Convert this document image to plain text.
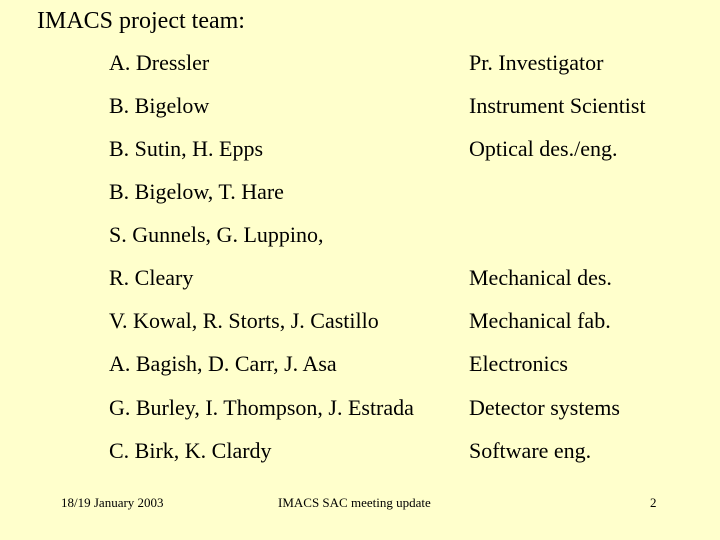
IMACS project team:
A. Dressler	Pr. Investigator
B. Bigelow	Instrument Scientist
B. Sutin, H. Epps	Optical des./eng.
B. Bigelow, T. Hare
S. Gunnels, G. Luppino,
R. Cleary	Mechanical des.
V. Kowal, R. Storts, J. Castillo	Mechanical fab.
A. Bagish, D. Carr, J. Asa	Electronics
G. Burley, I. Thompson, J. Estrada	Detector systems
C. Birk, K. Clardy	Software eng.
18/19 January 2003	IMACS SAC meeting update	2
